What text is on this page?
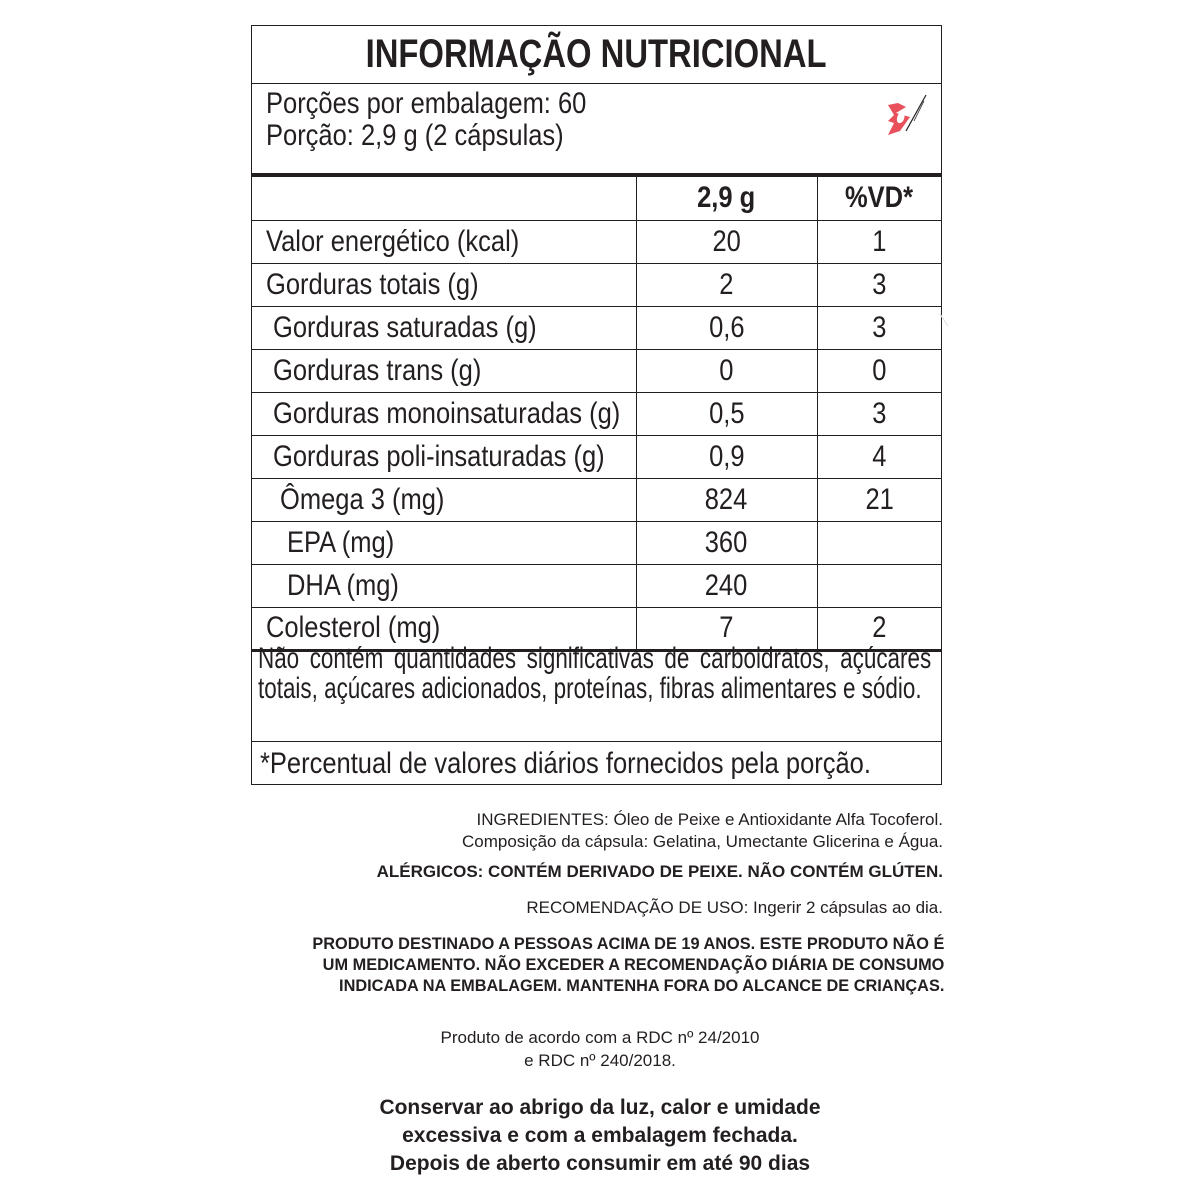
INFORMAÇÃO NUTRICIONAL
Porções por embalagem: 60
Porção: 2,9 g (2 cápsulas)
	2,9 g	%VD*
Valor energético (kcal)	20	1
Gorduras totais (g)	2	3
Gorduras saturadas (g)	0,6	3
Gorduras trans (g)	0	0
Gorduras monoinsaturadas (g)	0,5	3
Gorduras poli-insaturadas (g)	0,9	4
Ômega 3 (mg)	824	21
EPA (mg)	360	
DHA (mg)	240	
Colesterol (mg)	7	2

Não contém quantidades significativas de carboidratos, açúcares totais, açúcares adicionados, proteínas, fibras alimentares e sódio.

*Percentual de valores diários fornecidos pela porção.
INGREDIENTES: Óleo de Peixe e Antioxidante Alfa Tocoferol.
Composição da cápsula: Gelatina, Umectante Glicerina e Água.
ALÉRGICOS: CONTÉM DERIVADO DE PEIXE. NÃO CONTÉM GLÚTEN.
RECOMENDAÇÃO DE USO: Ingerir 2 cápsulas ao dia.
PRODUTO DESTINADO A PESSOAS ACIMA DE 19 ANOS. ESTE PRODUTO NÃO É
UM MEDICAMENTO. NÃO EXCEDER A RECOMENDAÇÃO DIÁRIA DE CONSUMO
INDICADA NA EMBALAGEM. MANTENHA FORA DO ALCANCE DE CRIANÇAS.
Produto de acordo com a RDC nº 24/2010
e RDC nº 240/2018.
Conservar ao abrigo da luz, calor e umidade
excessiva e com a embalagem fechada.
Depois de aberto consumir em até 90 dias
